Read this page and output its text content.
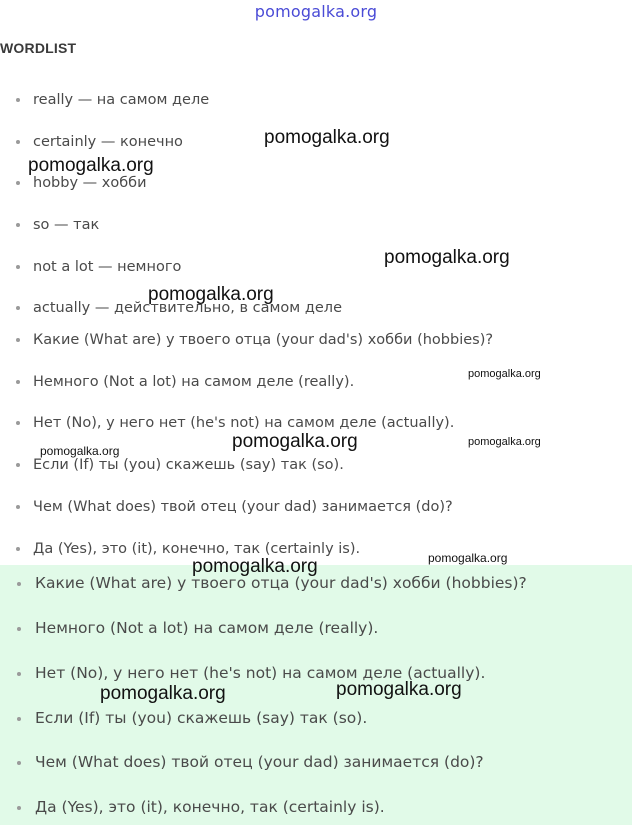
pomogalka.org
WORDLIST
really — на самом деле
certainly — конечно
hobby — хобби
so — так
not a lot — немного
actually — действительно, в самом деле
Какие (What are) у твоего отца (your dad's) хобби (hobbies)?
Немного (Not a lot) на самом деле (really).
Нет (No), у него нет (he's not) на самом деле (actually).
Если (If) ты (you) скажешь (say) так (so).
Чем (What does) твой отец (your dad) занимается (do)?
Да (Yes), это (it), конечно, так (certainly is).
Какие (What are) у твоего отца (your dad's) хобби (hobbies)?
Немного (Not a lot) на самом деле (really).
Нет (No), у него нет (he's not) на самом деле (actually).
Если (If) ты (you) скажешь (say) так (so).
Чем (What does) твой отец (your dad) занимается (do)?
Да (Yes), это (it), конечно, так (certainly is).
pomogalka.org
pomogalka.org
pomogalka.org
pomogalka.org
pomogalka.org
pomogalka.org
pomogalka.org
pomogalka.org
pomogalka.org
pomogalka.org
pomogalka.org	pomogalka.org
